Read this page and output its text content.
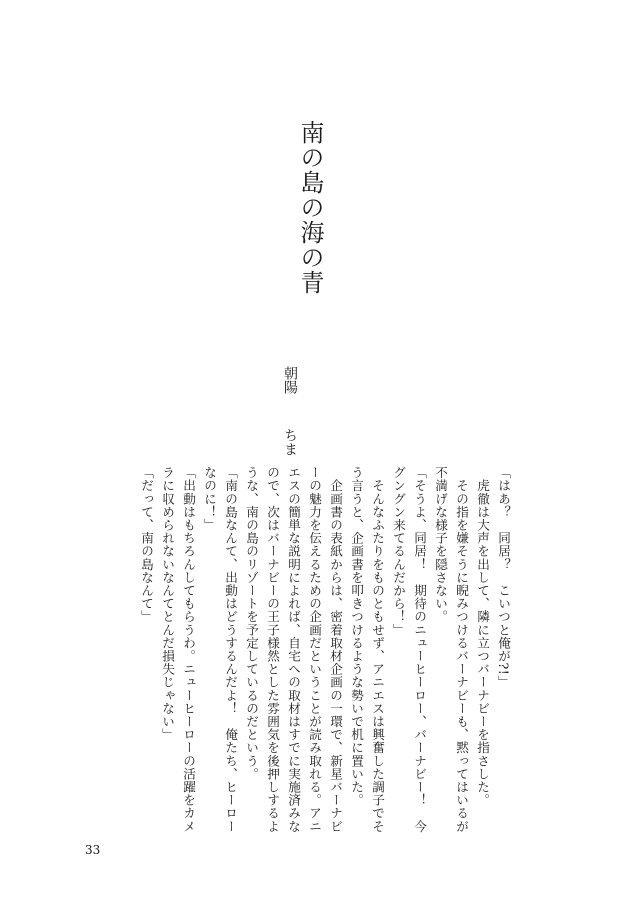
南の島の海の青
朝陽ちま
「はあ？　同居？　こいつと俺が?!」
　虎徹は大声を出して、隣に立つバーナビーを指さした。
　その指を嫌そうに睨みつけるバーナビーも、黙ってはいるが
不満げな様子を隠さない。
「そうよ、同居！　期待のニューヒーロー、バーナビー！　今
グングン来てるんだから！」
　そんなふたりをものともせず、アニエスは興奮した調子でそ
う言うと、企画書を叩きつけるような勢いで机に置いた。
　企画書の表紙からは、密着取材企画の一環で、新星バーナビ
ーの魅力を伝えるための企画だということが読み取れる。アニ
エスの簡単な説明によれば、自宅への取材はすでに実施済みな
ので、次はバーナビーの王子様然とした雰囲気を後押しするよ
うな、南の島のリゾートを予定しているのだという。
「南の島なんて、出動はどうするんだよ！　俺たち、ヒーロー
なのに！」
「出動はもちろんしてもらうわ。ニューヒーローの活躍をカメ
ラに収められないなんてとんだ損失じゃない」
「だって、南の島なんて」
33
